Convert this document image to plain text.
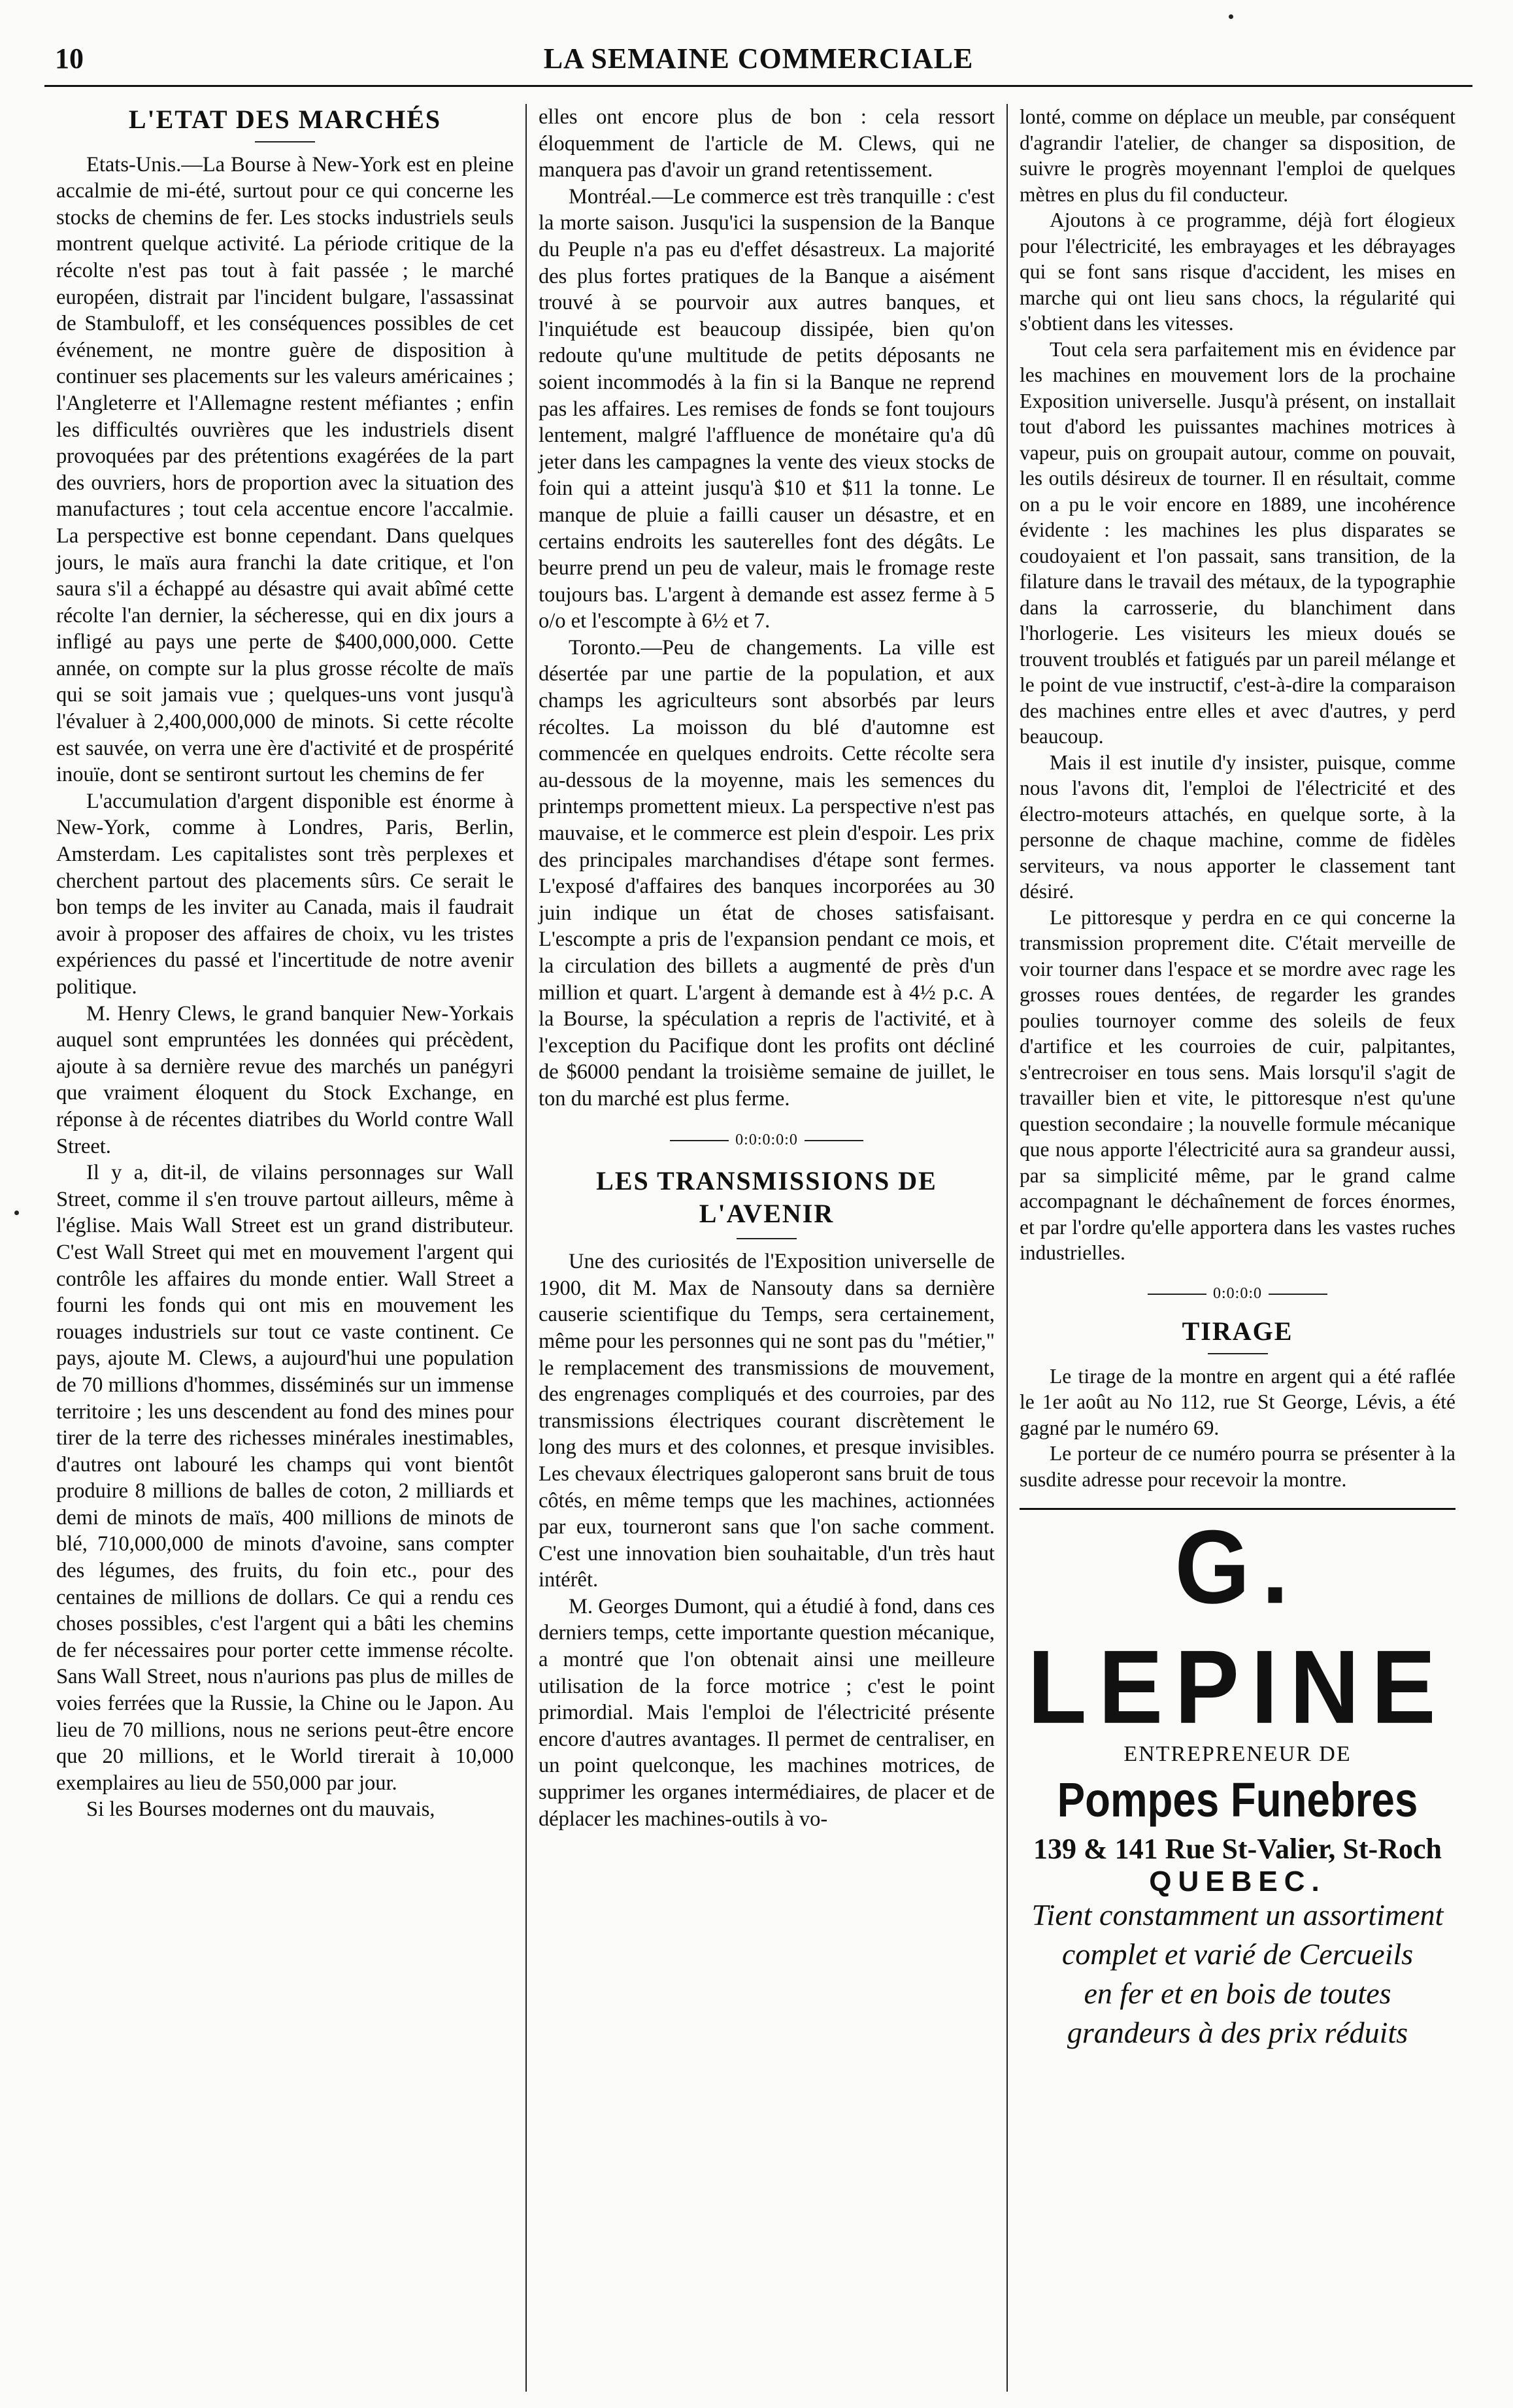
10	LA SEMAINE COMMERCIALE
L'ETAT DES MARCHÉS

Etats-Unis.—La Bourse à New-York est en pleine accalmie de mi-été, surtout pour ce qui concerne les stocks de chemins de fer. Les stocks industriels seuls montrent quelque activité. La période critique de la récolte n'est pas tout à fait passée ; le marché européen, distrait par l'incident bulgare, l'assassinat de Stambuloff, et les conséquences possibles de cet événement, ne montre guère de disposition à continuer ses placements sur les valeurs américaines ; l'Angleterre et l'Allemagne restent méfiantes ; enfin les difficultés ouvrières que les industriels disent provoquées par des prétentions exagérées de la part des ouvriers, hors de proportion avec la situation des manufactures ; tout cela accentue encore l'accalmie. La perspective est bonne cependant. Dans quelques jours, le maïs aura franchi la date critique, et l'on saura s'il a échappé au désastre qui avait abîmé cette récolte l'an dernier, la sécheresse, qui en dix jours a infligé au pays une perte de $400,000,000. Cette année, on compte sur la plus grosse récolte de maïs qui se soit jamais vue ; quelques-uns vont jusqu'à l'évaluer à 2,400,000,000 de minots. Si cette récolte est sauvée, on verra une ère d'activité et de prospérité inouïe, dont se sentiront surtout les chemins de fer

L'accumulation d'argent disponible est énorme à New-York, comme à Londres, Paris, Berlin, Amsterdam. Les capitalistes sont très perplexes et cherchent partout des placements sûrs. Ce serait le bon temps de les inviter au Canada, mais il faudrait avoir à proposer des affaires de choix, vu les tristes expériences du passé et l'incertitude de notre avenir politique.

M. Henry Clews, le grand banquier New-Yorkais auquel sont empruntées les données qui précèdent, ajoute à sa dernière revue des marchés un panégyri que vraiment éloquent du Stock Exchange, en réponse à de récentes diatribes du World contre Wall Street.

Il y a, dit-il, de vilains personnages sur Wall Street, comme il s'en trouve partout ailleurs, même à l'église. Mais Wall Street est un grand distributeur. C'est Wall Street qui met en mouvement l'argent qui contrôle les affaires du monde entier. Wall Street a fourni les fonds qui ont mis en mouvement les rouages industriels sur tout ce vaste continent. Ce pays, ajoute M. Clews, a aujourd'hui une population de 70 millions d'hommes, disséminés sur un immense territoire ; les uns descendent au fond des mines pour tirer de la terre des richesses minérales inestimables, d'autres ont labouré les champs qui vont bientôt produire 8 millions de balles de coton, 2 milliards et demi de minots de maïs, 400 millions de minots de blé, 710,000,000 de minots d'avoine, sans compter des légumes, des fruits, du foin etc., pour des centaines de millions de dollars. Ce qui a rendu ces choses possibles, c'est l'argent qui a bâti les chemins de fer nécessaires pour porter cette immense récolte. Sans Wall Street, nous n'aurions pas plus de milles de voies ferrées que la Russie, la Chine ou le Japon. Au lieu de 70 millions, nous ne serions peut-être encore que 20 millions, et le World tirerait à 10,000 exemplaires au lieu de 550,000 par jour.

Si les Bourses modernes ont du mauvais,

elles ont encore plus de bon : cela ressort éloquemment de l'article de M. Clews, qui ne manquera pas d'avoir un grand retentissement.

Montréal.—Le commerce est très tranquille : c'est la morte saison. Jusqu'ici la suspension de la Banque du Peuple n'a pas eu d'effet désastreux. La majorité des plus fortes pratiques de la Banque a aisément trouvé à se pourvoir aux autres banques, et l'inquiétude est beaucoup dissipée, bien qu'on redoute qu'une multitude de petits déposants ne soient incommodés à la fin si la Banque ne reprend pas les affaires. Les remises de fonds se font toujours lentement, malgré l'affluence de monétaire qu'a dû jeter dans les campagnes la vente des vieux stocks de foin qui a atteint jusqu'à $10 et $11 la tonne. Le manque de pluie a failli causer un désastre, et en certains endroits les sauterelles font des dégâts. Le beurre prend un peu de valeur, mais le fromage reste toujours bas. L'argent à demande est assez ferme à 5 o/o et l'escompte à 6½ et 7.

Toronto.—Peu de changements. La ville est désertée par une partie de la population, et aux champs les agriculteurs sont absorbés par leurs récoltes. La moisson du blé d'automne est commencée en quelques endroits. Cette récolte sera au-dessous de la moyenne, mais les semences du printemps promettent mieux. La perspective n'est pas mauvaise, et le commerce est plein d'espoir. Les prix des principales marchandises d'étape sont fermes. L'exposé d'affaires des banques incorporées au 30 juin indique un état de choses satisfaisant. L'escompte a pris de l'expansion pendant ce mois, et la circulation des billets a augmenté de près d'un million et quart. L'argent à demande est à 4½ p.c. A la Bourse, la spéculation a repris de l'activité, et à l'exception du Pacifique dont les profits ont décliné de $6000 pendant la troisième semaine de juillet, le ton du marché est plus ferme.

0:0:0:0:0
LES TRANSMISSIONS DE L'AVENIR

Une des curiosités de l'Exposition universelle de 1900, dit M. Max de Nansouty dans sa dernière causerie scientifique du Temps, sera certainement, même pour les personnes qui ne sont pas du "métier," le remplacement des transmissions de mouvement, des engrenages compliqués et des courroies, par des transmissions électriques courant discrètement le long des murs et des colonnes, et presque invisibles. Les chevaux électriques galoperont sans bruit de tous côtés, en même temps que les machines, actionnées par eux, tourneront sans que l'on sache comment. C'est une innovation bien souhaitable, d'un très haut intérêt.

M. Georges Dumont, qui a étudié à fond, dans ces derniers temps, cette importante question mécanique, a montré que l'on obtenait ainsi une meilleure utilisation de la force motrice ; c'est le point primordial. Mais l'emploi de l'électricité présente encore d'autres avantages. Il permet de centraliser, en un point quelconque, les machines motrices, de supprimer les organes intermédiaires, de placer et de déplacer les machines-outils à vo-

lonté, comme on déplace un meuble, par conséquent d'agrandir l'atelier, de changer sa disposition, de suivre le progrès moyennant l'emploi de quelques mètres en plus du fil conducteur.

Ajoutons à ce programme, déjà fort élogieux pour l'électricité, les embrayages et les débrayages qui se font sans risque d'accident, les mises en marche qui ont lieu sans chocs, la régularité qui s'obtient dans les vitesses.

Tout cela sera parfaitement mis en évidence par les machines en mouvement lors de la prochaine Exposition universelle. Jusqu'à présent, on installait tout d'abord les puissantes machines motrices à vapeur, puis on groupait autour, comme on pouvait, les outils désireux de tourner. Il en résultait, comme on a pu le voir encore en 1889, une incohérence évidente : les machines les plus disparates se coudoyaient et l'on passait, sans transition, de la filature dans le travail des métaux, de la typographie dans la carrosserie, du blanchiment dans l'horlogerie. Les visiteurs les mieux doués se trouvent troublés et fatigués par un pareil mélange et le point de vue instructif, c'est-à-dire la comparaison des machines entre elles et avec d'autres, y perd beaucoup.

Mais il est inutile d'y insister, puisque, comme nous l'avons dit, l'emploi de l'électricité et des électro-moteurs attachés, en quelque sorte, à la personne de chaque machine, comme de fidèles serviteurs, va nous apporter le classement tant désiré.

Le pittoresque y perdra en ce qui concerne la transmission proprement dite. C'était merveille de voir tourner dans l'espace et se mordre avec rage les grosses roues dentées, de regarder les grandes poulies tournoyer comme des soleils de feux d'artifice et les courroies de cuir, palpitantes, s'entrecroiser en tous sens. Mais lorsqu'il s'agit de travailler bien et vite, le pittoresque n'est qu'une question secondaire ; la nouvelle formule mécanique que nous apporte l'électricité aura sa grandeur aussi, par sa simplicité même, par le grand calme accompagnant le déchaînement de forces énormes, et par l'ordre qu'elle apportera dans les vastes ruches industrielles.

0:0:0:0
TIRAGE

Le tirage de la montre en argent qui a été raflée le 1er août au No 112, rue St George, Lévis, a été gagné par le numéro 69.

Le porteur de ce numéro pourra se présenter à la susdite adresse pour recevoir la montre.

G. LEPINE
ENTREPRENEUR DE
Pompes Funebres
139 & 141 Rue St-Valier, St-Roch
QUEBEC.
Tient constamment un assortiment
complet et varié de Cercueils
en fer et en bois de toutes
grandeurs à des prix réduits
